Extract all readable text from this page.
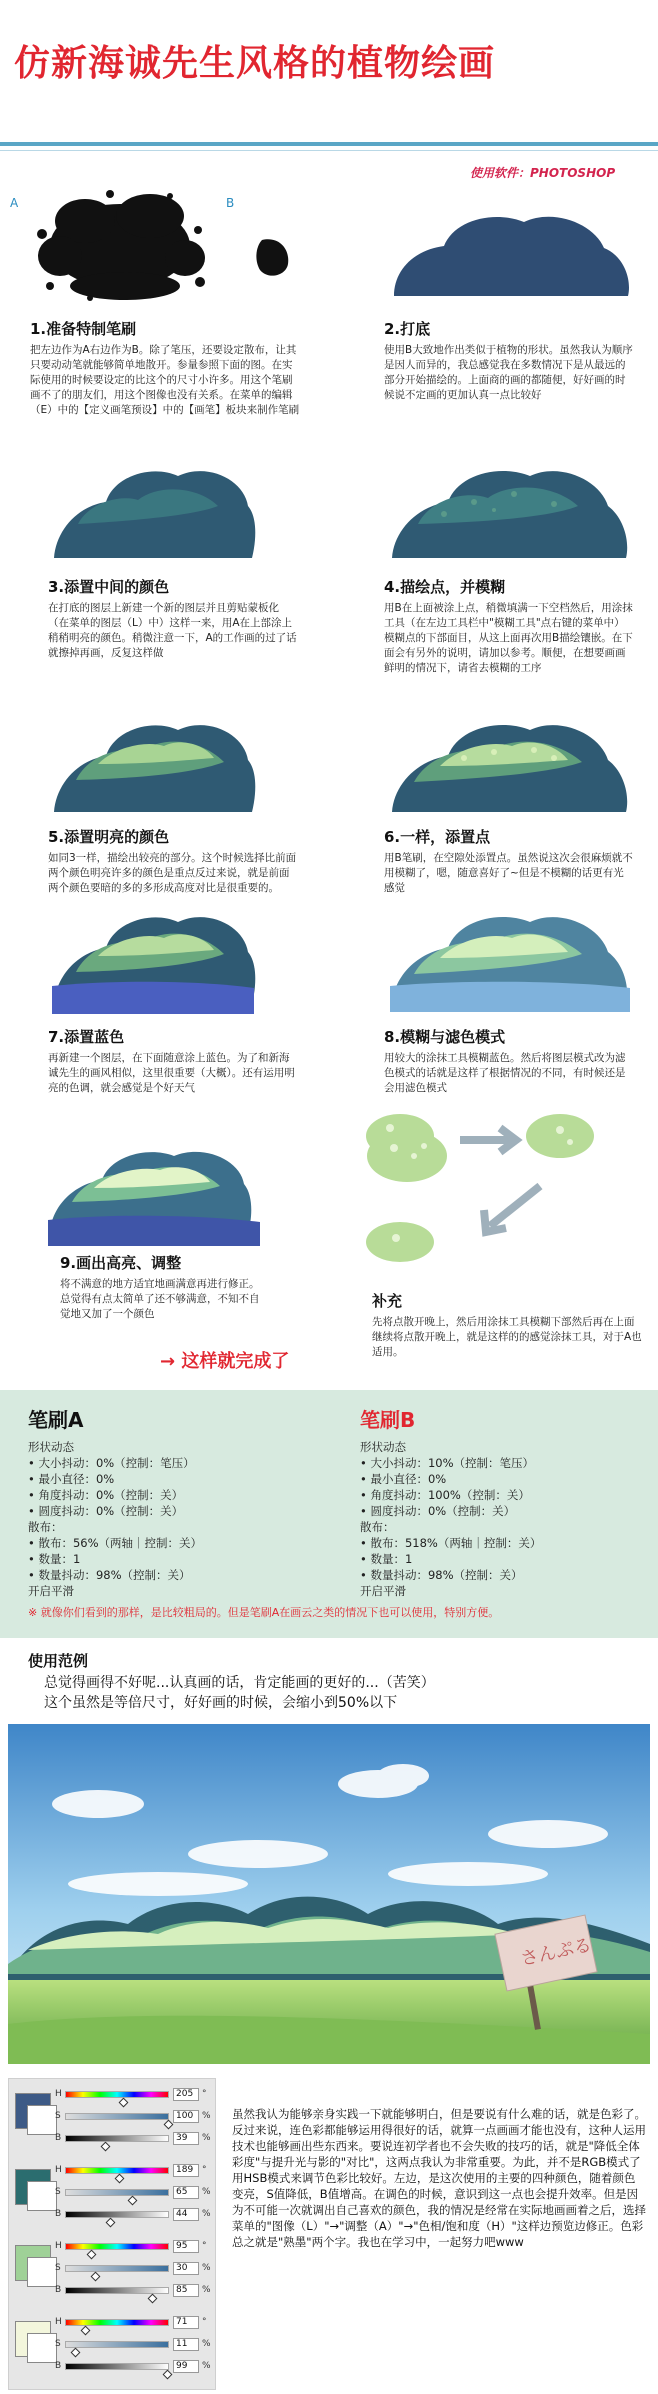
仿新海诚先生风格的植物绘画
使用软件：PHOTOSHOP
A	B
1.准备特制笔刷

把左边作为A右边作为B。除了笔压，还要设定散布，让其只要动动笔就能够简单地散开。参量参照下面的图。在实际使用的时候要设定的比这个的尺寸小许多。用这个笔刷画不了的朋友们，用这个图像也没有关系。在菜单的编辑（E）中的【定义画笔预设】中的【画笔】板块来制作笔刷

2.打底

使用B大致地作出类似于植物的形状。虽然我认为顺序是因人而异的，我总感觉我在多数情况下是从最远的部分开始描绘的。上面商的画的都随便，好好画的时候说不定画的更加认真一点比较好

3.添置中间的颜色

在打底的图层上新建一个新的图层并且剪贴蒙板化（在菜单的图层（L）中）这样一来，用A在上部涂上稍稍明亮的颜色。稍微注意一下，A的工作画的过了话就擦掉再画，反复这样做

4.描绘点，并模糊

用B在上面被涂上点，稍微填满一下空档然后，用涂抹工具（在左边工具栏中"模糊工具"点右键的菜单中）模糊点的下部面目，从这上面再次用B描绘镶嵌。在下面会有另外的说明，请加以参考。顺便，在想要画画鲜明的情况下，请省去模糊的工序

5.添置明亮的颜色

如同3一样，描绘出较亮的部分。这个时候选择比前面两个颜色明亮许多的颜色是重点反过来说，就是前面两个颜色要暗的多的多形成高度对比是很重要的。

6.一样，添置点

用B笔刷，在空隙处添置点。虽然说这次会很麻烦就不用模糊了，嗯，随意喜好了~但是不模糊的话更有光感觉

7.添置蓝色

再新建一个图层，在下面随意涂上蓝色。为了和新海诚先生的画风相似，这里很重要（大概）。还有运用明亮的色调，就会感觉是个好天气

8.模糊与滤色模式

用较大的涂抹工具模糊蓝色。然后将图层模式改为滤色模式的话就是这样了根据情况的不同，有时候还是会用滤色模式

9.画出高亮、调整

将不满意的地方适宜地画满意再进行修正。总觉得有点太简单了还不够满意，不知不自觉地又加了一个颜色

补充

先将点散开晚上，然后用涂抹工具模糊下部然后再在上面继续将点散开晚上，就是这样的的感觉涂抹工具，对于A也适用。

→ 这样就完成了
笔刷A
形状动态
• 大小抖动：0%（控制：笔压）
• 最小直径：0%
• 角度抖动：0%（控制：关）
• 圆度抖动：0%（控制：关）
散布：
• 散布：56%（两轴｜控制：关）
• 数量：1
• 数量抖动：98%（控制：关）
开启平滑
笔刷B
形状动态
• 大小抖动：10%（控制：笔压）
• 最小直径：0%
• 角度抖动：100%（控制：关）
• 圆度抖动：0%（控制：关）
散布：
• 散布：518%（两轴｜控制：关）
• 数量：1
• 数量抖动：98%（控制：关）
开启平滑
※ 就像你们看到的那样，是比较粗局的。但是笔刷A在画云之类的情况下也可以使用，特别方便。
使用范例
总觉得画得不好呢...认真画的话，肯定能画的更好的...（苦笑）
这个虽然是等倍尺寸，好好画的时候，会缩小到50%以下
さんぷる
H	205 °
S	100 %
B	39	%
H	189 °
S	65	%
B	44	%
H	95	°
S	30	%
B	85	%
H	71	°
S	11	%
B	99	%
虽然我认为能够亲身实践一下就能够明白，但是要说有什么难的话，就是色彩了。反过来说，连色彩都能够运用得很好的话，就算一点画画才能也没有，这种人运用技术也能够画出些东西来。要说连初学者也不会失败的技巧的话，就是"降低全体彩度"与提升光与影的"对比"，这两点我认为非常重要。为此，并不是RGB模式了用HSB模式来调节色彩比较好。左边，是这次使用的主要的四种颜色，随着颜色变亮，S值降低，B值增高。在调色的时候，意识到这一点也会提升效率。但是因为不可能一次就调出自己喜欢的颜色，我的情况是经常在实际地画画着之后，选择菜单的"图像（L）"→"调整（A）"→"色相/饱和度（H）"这样边预览边修正。色彩总之就是"熟墨"两个字。我也在学习中，一起努力吧www
